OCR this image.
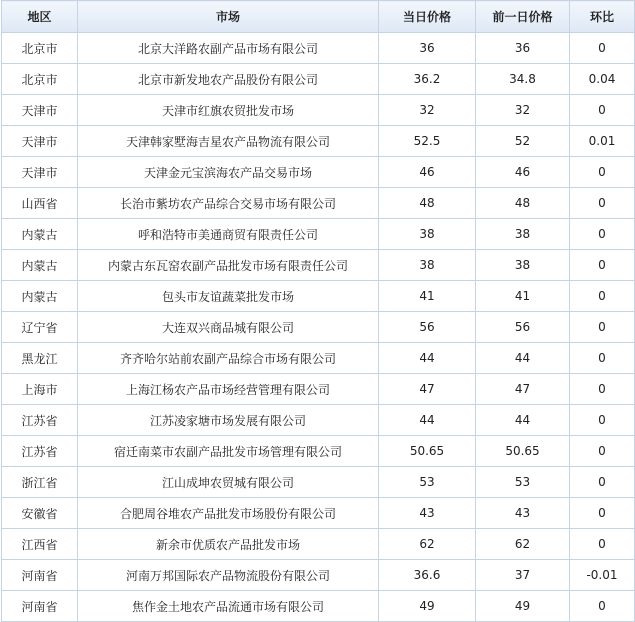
地区	市场	当日价格	前一日价格	环比
北京市	北京大洋路农副产品市场有限公司	36	36	0
北京市	北京市新发地农产品股份有限公司	36.2	34.8	0.04
天津市	天津市红旗农贸批发市场	32	32	0
天津市	天津韩家墅海吉星农产品物流有限公司	52.5	52	0.01
天津市	天津金元宝滨海农产品交易市场	46	46	0
山西省	长治市紫坊农产品综合交易市场有限公司	48	48	0
内蒙古	呼和浩特市美通商贸有限责任公司	38	38	0
内蒙古	内蒙古东瓦窑农副产品批发市场有限责任公司	38	38	0
内蒙古	包头市友谊蔬菜批发市场	41	41	0
辽宁省	大连双兴商品城有限公司	56	56	0
黑龙江	齐齐哈尔站前农副产品综合市场有限公司	44	44	0
上海市	上海江杨农产品市场经营管理有限公司	47	47	0
江苏省	江苏凌家塘市场发展有限公司	44	44	0
江苏省	宿迁南菜市农副产品批发市场管理有限公司	50.65	50.65	0
浙江省	江山成坤农贸城有限公司	53	53	0
安徽省	合肥周谷堆农产品批发市场股份有限公司	43	43	0
江西省	新余市优质农产品批发市场	62	62	0
河南省	河南万邦国际农产品物流股份有限公司	36.6	37	-0.01
河南省	焦作金土地农产品流通市场有限公司	49	49	0
